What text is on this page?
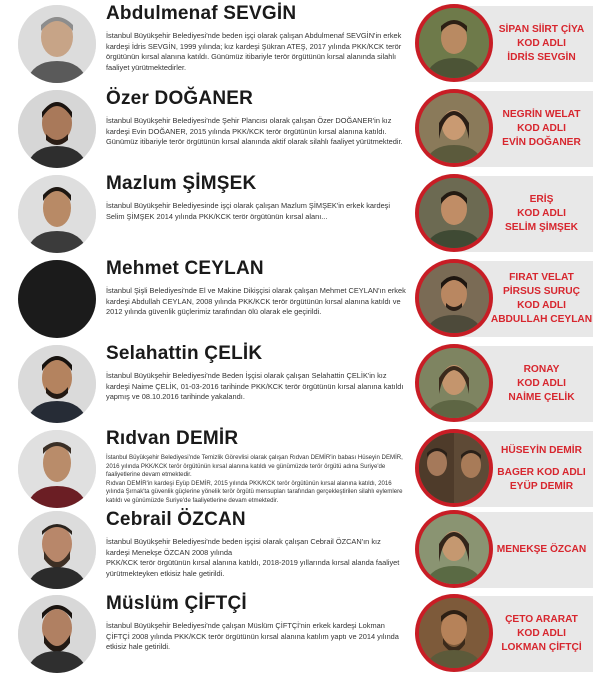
Abdulmenaf SEVGİN

İstanbul Büyükşehir Belediyesi'nde beden işçi olarak çalışan Abdulmenaf SEVGİN'in erkek kardeşi İdris SEVGİN, 1999 yılında; kız kardeşi Şükran ATEŞ, 2017 yılında PKK/KCK terör örgütünün kırsal alanına katıldı. Günümüz itibariyle terör örgütünün kırsal alanında silahlı faaliyet yürütmektedirler.

SİPAN SİİRT ÇİYA
KOD ADLI
İDRİS SEVGİN
Özer DOĞANER

İstanbul Büyükşehir Belediyesi'nde Şehir Plancısı olarak çalışan Özer DOĞANER'in kız kardeşi Evin DOĞANER, 2015 yılında PKK/KCK terör örgütünün kırsal alanına katıldı. Günümüz itibariyle terör örgütünün kırsal alanında aktif olarak silahlı faaliyet yürütmektedir.

NEGRİN WELAT
KOD ADLI
EVİN DOĞANER
Mazlum ŞİMŞEK

İstanbul Büyükşehir Belediyesinde işçi olarak çalışan Mazlum ŞİMŞEK'in erkek kardeşi Selim ŞİMŞEK 2014 yılında PKK/KCK terör örgütünün kırsal alanı...

ERİŞ
KOD ADLI
SELİM ŞİMŞEK
Mehmet CEYLAN

İstanbul Şişli Belediyesi'nde El ve Makine Dikişçisi olarak çalışan Mehmet CEYLAN'ın erkek kardeşi Abdullah CEYLAN, 2008 yılında PKK/KCK terör örgütünün kırsal alanına katıldı ve 2012 yılında güvenlik güçlerimiz tarafından ölü olarak ele geçirildi.

FIRAT VELAT
PİRSUS SURUÇ
KOD ADLI
ABDULLAH CEYLAN
Selahattin ÇELİK

İstanbul Büyükşehir Belediyesi'nde Beden İşçisi olarak çalışan Selahattin ÇELİK'in kız kardeşi Naime ÇELİK, 01-03-2016 tarihinde PKK/KCK terör örgütünün kırsal alanına katıldı yapmış ve 08.10.2016 tarihinde yakalandı.

RONAY
KOD ADLI
NAİME ÇELİK
Rıdvan DEMİR

İstanbul Büyükşehir Belediyesi'nde Temizlik Görevlisi olarak çalışan Rıdvan DEMİR'in babası Hüseyin DEMİR, 2016 yılında PKK/KCK terör örgütünün kırsal alanına katıldı ve günümüzde terör örgütü adına Suriye'de faaliyetlerine devam etmektedir.

Rıdvan DEMİR'in kardeşi Eyüp DEMİR, 2015 yılında PKK/KCK terör örgütünün kırsal alanına katıldı, 2016 yılında Şırnak'ta güvenlik güçlerine yönelik terör örgütü mensupları tarafından gerçekleştirilen silahlı eylemlere katıldı ve günümüzde Suriye'de faaliyetlerine devam etmektedir.

HÜSEYİN DEMİR
BAGER KOD ADLI
EYÜP DEMİR
Cebrail ÖZCAN

İstanbul Büyükşehir Belediyesi'nde beden işçisi olarak çalışan Cebrail ÖZCAN'ın kız kardeşi Menekşe ÖZCAN 2008 yılında

PKK/KCK terör örgütünün kırsal alanına katıldı, 2018-2019 yıllarında kırsal alanda faaliyet yürütmekteyken etkisiz hale getirildi.

MENEKŞE ÖZCAN
Müslüm ÇİFTÇİ

İstanbul Büyükşehir Belediyesi'nde çalışan Müslüm ÇİFTÇİ'nin erkek kardeşi Lokman ÇİFTÇİ 2008 yılında PKK/KCK terör örgütünün kırsal alanına katılım yaptı ve 2014 yılında etkisiz hale getirildi.

ÇETO ARARAT
KOD ADLI
LOKMAN ÇİFTÇİ
